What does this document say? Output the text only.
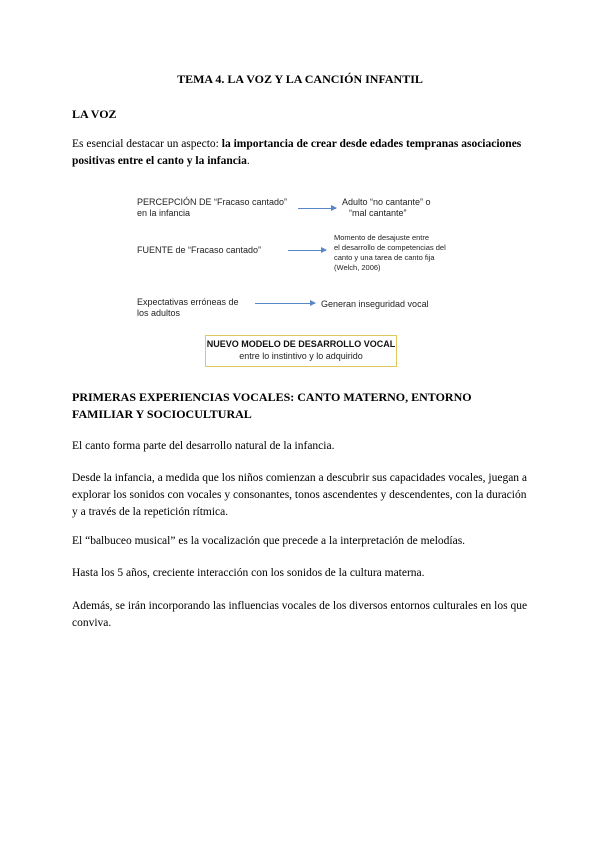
TEMA 4. LA VOZ Y LA CANCIÓN INFANTIL
LA VOZ
Es esencial destacar un aspecto: la importancia de crear desde edades tempranas asociaciones positivas entre el canto y la infancia.
PERCEPCIÓN DE “Fracaso cantado”
en la infancia
Adulto “no cantante” o
“mal cantante”
FUENTE de “Fracaso cantado”
Momento de desajuste entre
el desarrollo de competencias del
canto y una tarea de canto fija
(Welch, 2006)
Expectativas erróneas de
los adultos
Generan inseguridad vocal
NUEVO MODELO DE DESARROLLO VOCAL
entre lo instintivo y lo adquirido
PRIMERAS EXPERIENCIAS VOCALES: CANTO MATERNO, ENTORNO FAMILIAR Y SOCIOCULTURAL
El canto forma parte del desarrollo natural de la infancia.
Desde la infancia, a medida que los niños comienzan a descubrir sus capacidades vocales, juegan a explorar los sonidos con vocales y consonantes, tonos ascendentes y descendentes, con la duración y a través de la repetición rítmica.
El “balbuceo musical” es la vocalización que precede a la interpretación de melodías.
Hasta los 5 años, creciente interacción con los sonidos de la cultura materna.
Además, se irán incorporando las influencias vocales de los diversos entornos culturales en los que conviva.
